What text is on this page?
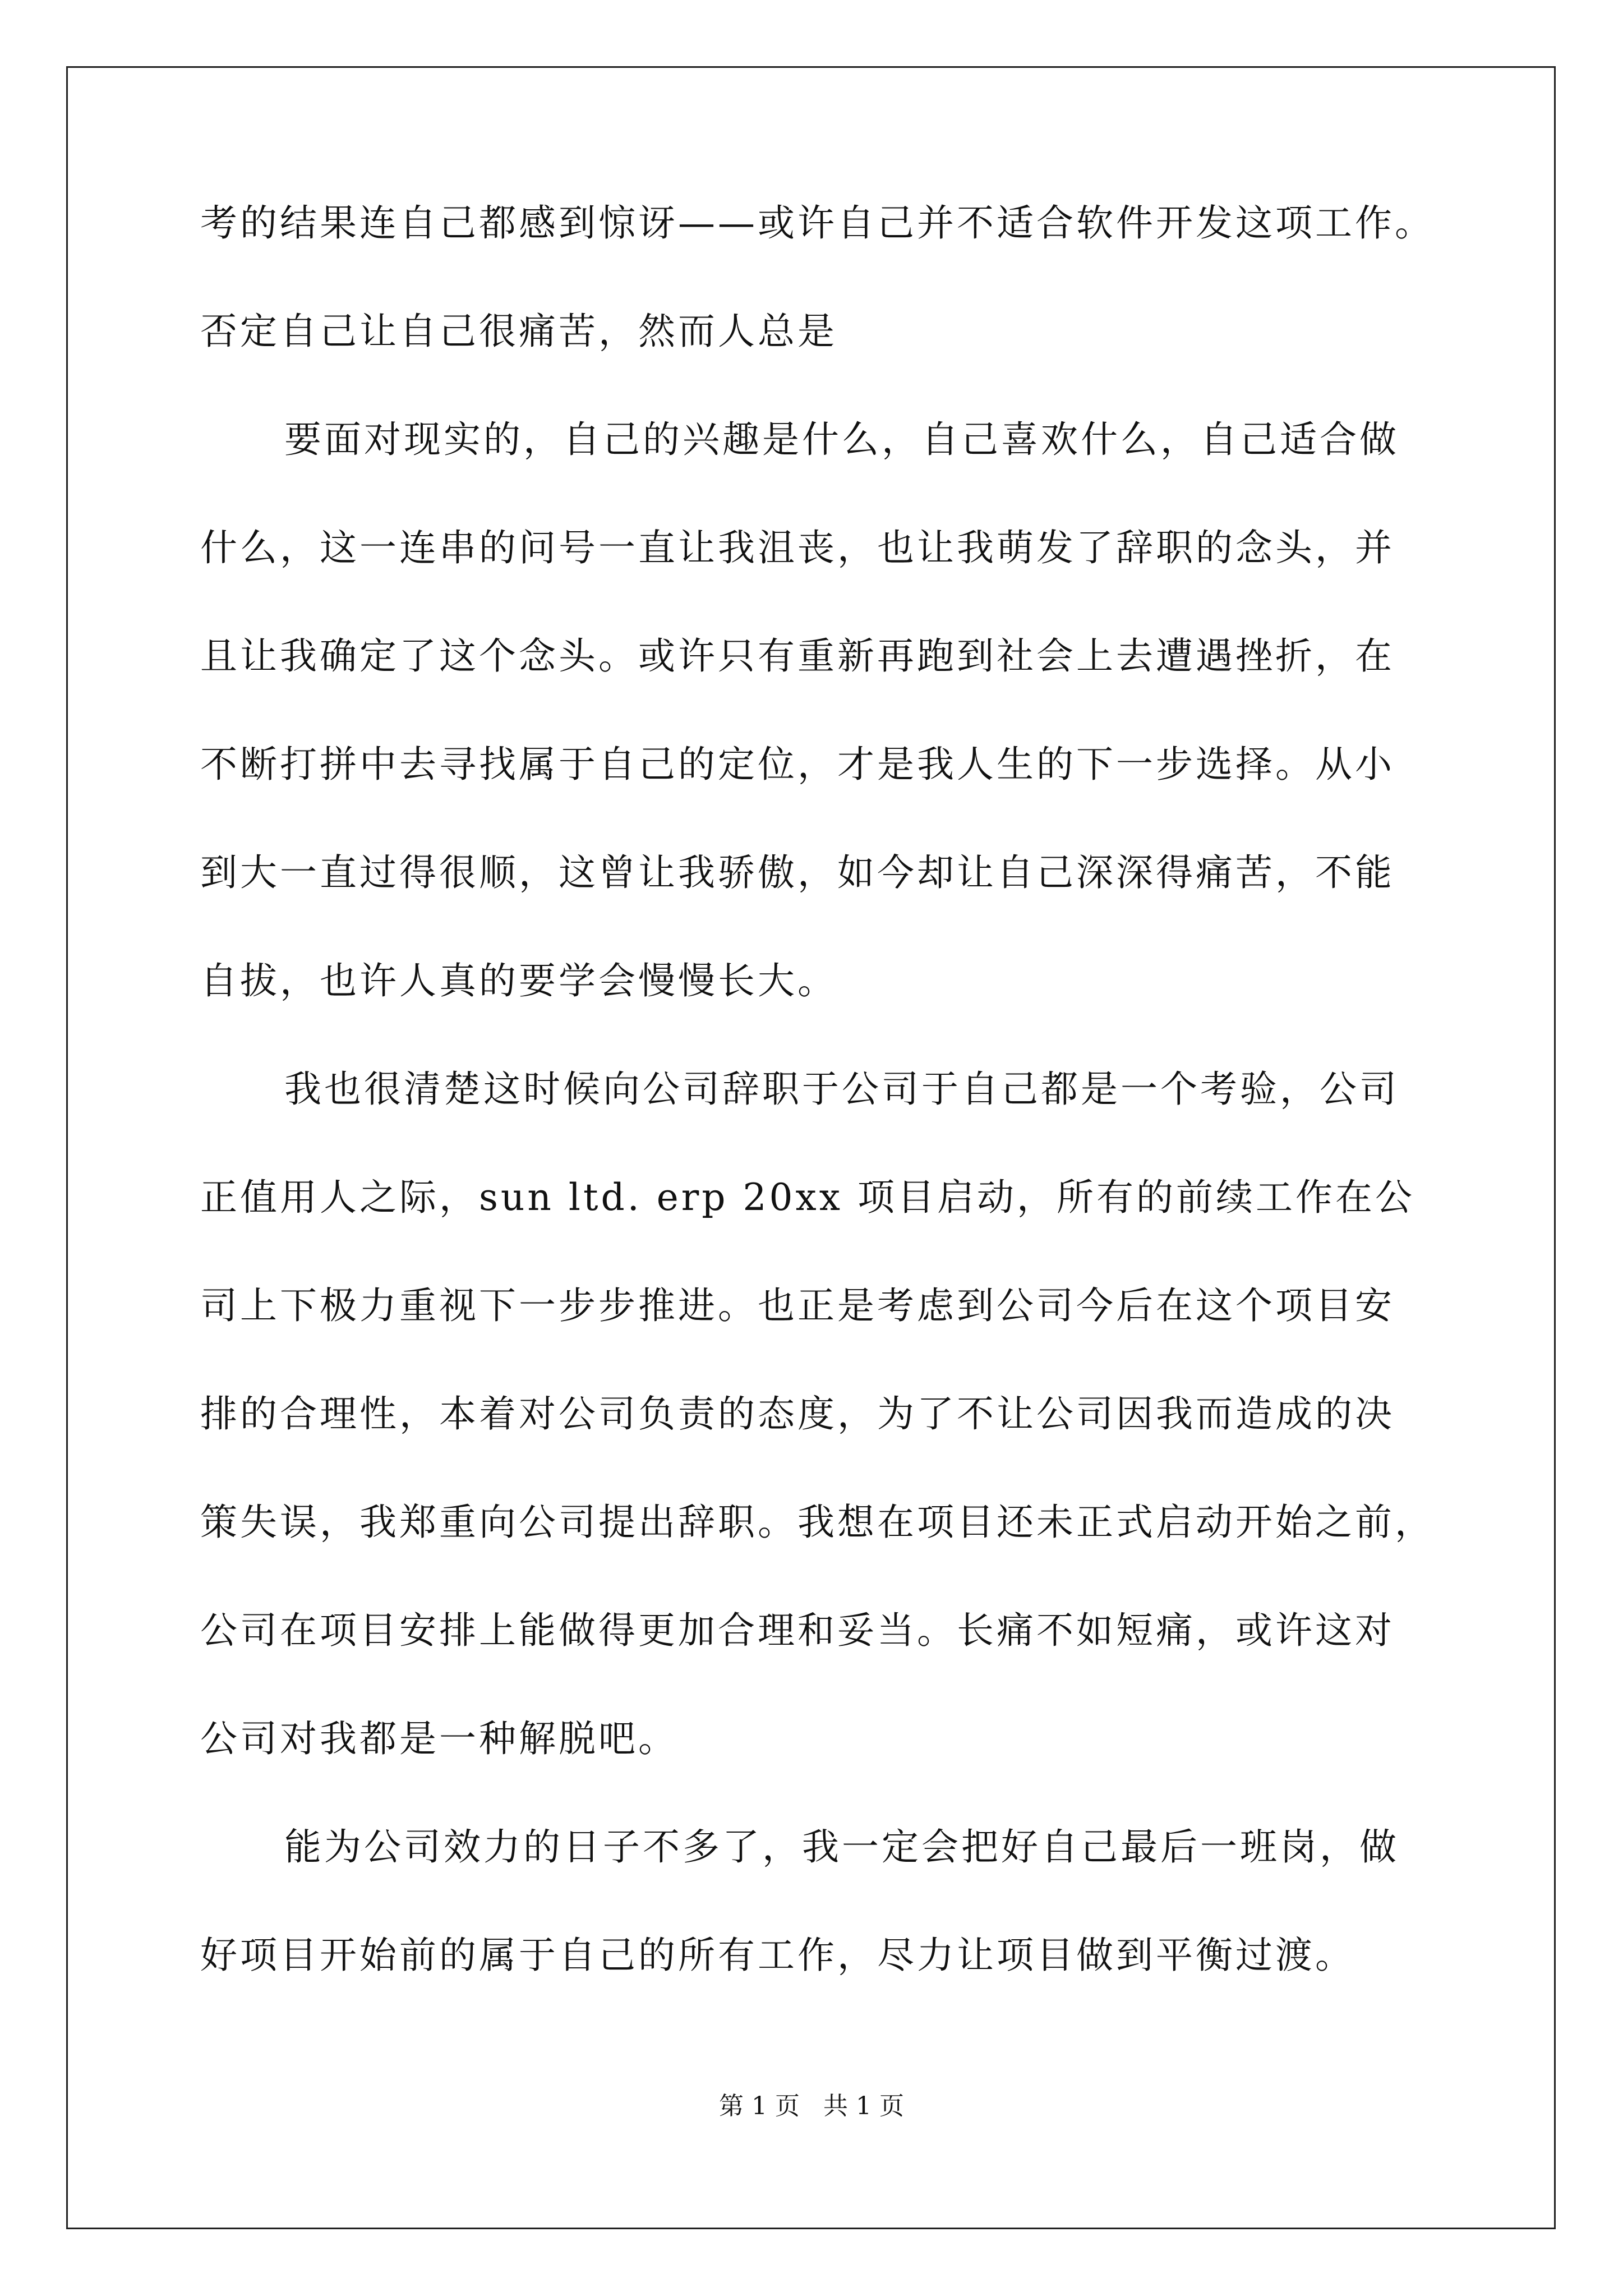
考的结果连自己都感到惊讶——或许自己并不适合软件开发这项工作。
否定自己让自己很痛苦，然而人总是
要面对现实的，自己的兴趣是什么，自己喜欢什么，自己适合做
什么，这一连串的问号一直让我沮丧，也让我萌发了辞职的念头，并
且让我确定了这个念头。或许只有重新再跑到社会上去遭遇挫折，在
不断打拼中去寻找属于自己的定位，才是我人生的下一步选择。从小
到大一直过得很顺，这曾让我骄傲，如今却让自己深深得痛苦，不能
自拔，也许人真的要学会慢慢长大。
我也很清楚这时候向公司辞职于公司于自己都是一个考验，公司
正值用人之际，sun ltd. erp 20xx 项目启动，所有的前续工作在公
司上下极力重视下一步步推进。也正是考虑到公司今后在这个项目安
排的合理性，本着对公司负责的态度，为了不让公司因我而造成的决
策失误，我郑重向公司提出辞职。我想在项目还未正式启动开始之前，
公司在项目安排上能做得更加合理和妥当。长痛不如短痛，或许这对
公司对我都是一种解脱吧。
能为公司效力的日子不多了，我一定会把好自己最后一班岗，做
好项目开始前的属于自己的所有工作，尽力让项目做到平衡过渡。
第 1 页   共 1 页
